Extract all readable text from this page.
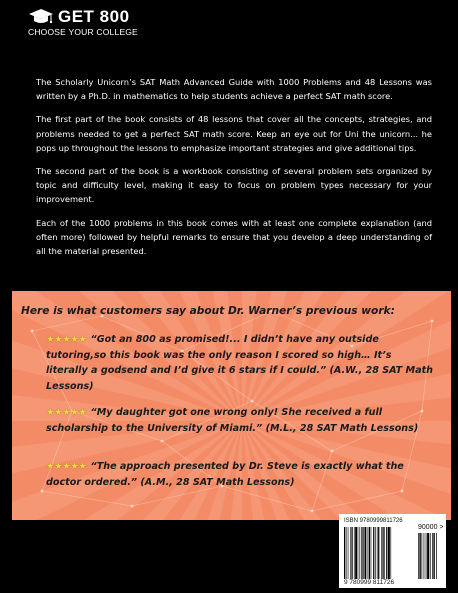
GET 800
CHOOSE YOUR COLLEGE

The Scholarly Unicorn’s SAT Math Advanced Guide with 1000 Problems and 48 Lessons was written by a Ph.D. in mathematics to help students achieve a perfect SAT math score.

The first part of the book consists of 48 lessons that cover all the concepts, strategies, and problems needed to get a perfect SAT math score. Keep an eye out for Uni the unicorn... he pops up throughout the lessons to emphasize important strategies and give additional tips.

The second part of the book is a workbook consisting of several problem sets organized by topic and difficulty level, making it easy to focus on problem types necessary for your improvement.

Each of the 1000 problems in this book comes with at least one complete explanation (and often more) followed by helpful remarks to ensure that you develop a deep understanding of all the material presented.

Here is what customers say about Dr. Warner’s previous work:
★★★★★ “Got an 800 as promised!... I didn’t have any outside tutoring,so this book was the only reason I scored so high… It’s literally a godsend and I’d give it 6 stars if I could.” (A.W., 28 SAT Math Lessons)
★★★★★ “My daughter got one wrong only! She received a full scholarship to the University of Miami.” (M.L., 28 SAT Math Lessons)
★★★★★ “The approach presented by Dr. Steve is exactly what the doctor ordered.” (A.M., 28 SAT Math Lessons)
ISBN 9780999811726
90000 >
9 780999 811726
